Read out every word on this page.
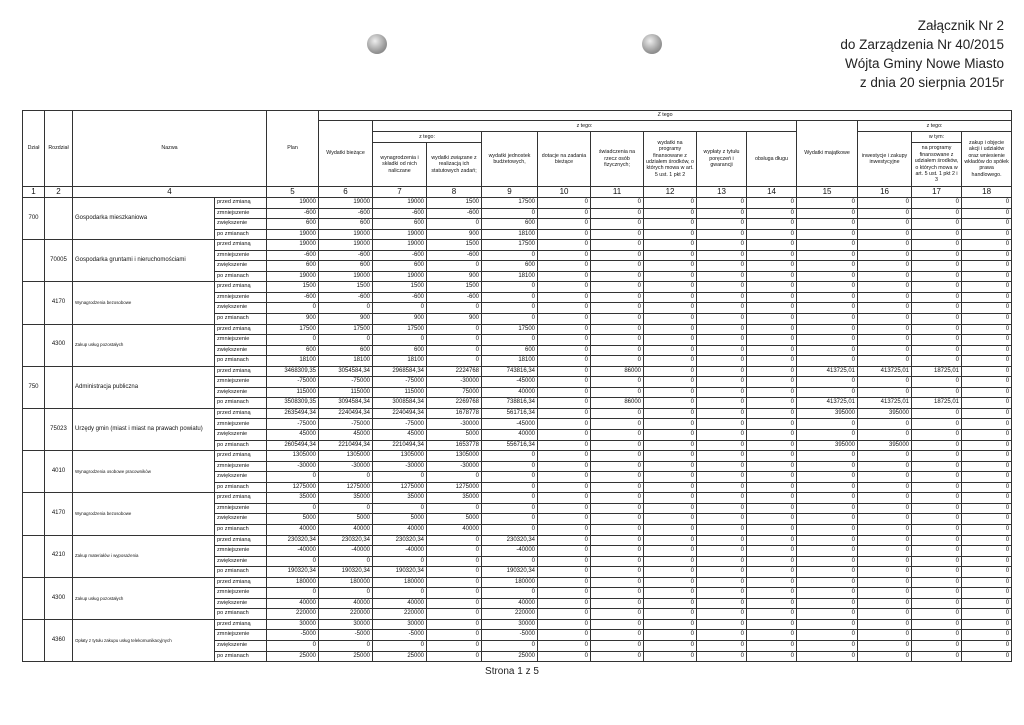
Załącznik Nr 2
do Zarządzenia Nr 40/2015
Wójta Gminy Nowe Miasto
z dnia 20 sierpnia 2015r
Dział	Rozdział	Nazwa		Plan	Z tego												
					Wydatki bieżące	z tego:								Wydatki majątkowe	z tego:		
						z tego:		wydatki jednostek budżetowych,	dotacje na zadania bieżące	świadczenia na rzecz osób fizycznych;	wydatki na programy finansowane z udziałem środków, o których mowa w art. 5 ust. 1 pkt 2	wypłaty z tytułu poręczeń i gwarancji	obsługa długu		inwestycje i zakupy inwestycyjne	w tym:	zakup i objęcie akcji i udziałów oraz wniesienie wkładów do spółek prawa handlowego.
						wynagrodzenia i składki od nich naliczane	wydatki związane z realizacją ich statutowych zadań;									na programy finansowane z udziałem środków, o których mowa w art. 5 ust. 1 pkt 2 i 3	
1	2	4		5	6	7	8	9	10	11	12	13	14	15	16	17	18
700		Gospodarka mieszkaniowa	przed zmianą	19000	19000	19000	1500	17500	0	0	0	0	0	0	0	0	0
			zmniejszenie	-600	-600	-600	-600	0	0	0	0	0	0	0	0	0	0
			zwiększenie	600	600	600	0	600	0	0	0	0	0	0	0	0	0
			po zmianach	19000	19000	19000	900	18100	0	0	0	0	0	0	0	0	0
	70005	Gospodarka gruntami i nieruchomościami	przed zmianą	19000	19000	19000	1500	17500	0	0	0	0	0	0	0	0	0
			zmniejszenie	-600	-600	-600	-600	0	0	0	0	0	0	0	0	0	0
			zwiększenie	600	600	600	0	600	0	0	0	0	0	0	0	0	0
			po zmianach	19000	19000	19000	900	18100	0	0	0	0	0	0	0	0	0
	4170	Wynagrodzenia bezosobowe	przed zmianą	1500	1500	1500	1500	0	0	0	0	0	0	0	0	0	0
			zmniejszenie	-600	-600	-600	-600	0	0	0	0	0	0	0	0	0	0
			zwiększenie	0	0	0	0	0	0	0	0	0	0	0	0	0	0
			po zmianach	900	900	900	900	0	0	0	0	0	0	0	0	0	0
	4300	Zakup usług pozostałych	przed zmianą	17500	17500	17500	0	17500	0	0	0	0	0	0	0	0	0
			zmniejszenie	0	0	0	0	0	0	0	0	0	0	0	0	0	0
			zwiększenie	600	600	600	0	600	0	0	0	0	0	0	0	0	0
			po zmianach	18100	18100	18100	0	18100	0	0	0	0	0	0	0	0	0
750		Administracja publiczna	przed zmianą	3468309,35	3054584,34	2968584,34	2224768	743816,34	0	86000	0	0	0	413725,01	413725,01	18725,01	0
			zmniejszenie	-75000	-75000	-75000	-30000	-45000	0	0	0	0	0	0	0	0	0
			zwiększenie	115000	115000	115000	75000	40000	0	0	0	0	0	0	0	0	0
			po zmianach	3508309,35	3094584,34	3008584,34	2269768	738816,34	0	86000	0	0	0	413725,01	413725,01	18725,01	0
	75023	Urzędy gmin (miast i miast na prawach powiatu)	przed zmianą	2635494,34	2240494,34	2240494,34	1678778	561716,34	0	0	0	0	0	395000	395000	0	0
			zmniejszenie	-75000	-75000	-75000	-30000	-45000	0	0	0	0	0	0	0	0	0
			zwiększenie	45000	45000	45000	5000	40000	0	0	0	0	0	0	0	0	0
			po zmianach	2605494,34	2210494,34	2210494,34	1653778	556716,34	0	0	0	0	0	395000	395000	0	0
	4010	Wynagrodzenia osobowe pracowników	przed zmianą	1305000	1305000	1305000	1305000	0	0	0	0	0	0	0	0	0	0
			zmniejszenie	-30000	-30000	-30000	-30000	0	0	0	0	0	0	0	0	0	0
			zwiększenie	0	0	0	0	0	0	0	0	0	0	0	0	0	0
			po zmianach	1275000	1275000	1275000	1275000	0	0	0	0	0	0	0	0	0	0
	4170	Wynagrodzenia bezosobowe	przed zmianą	35000	35000	35000	35000	0	0	0	0	0	0	0	0	0	0
			zmniejszenie	0	0	0	0	0	0	0	0	0	0	0	0	0	0
			zwiększenie	5000	5000	5000	5000	0	0	0	0	0	0	0	0	0	0
			po zmianach	40000	40000	40000	40000	0	0	0	0	0	0	0	0	0	0
	4210	Zakup materiałów i wyposażenia	przed zmianą	230320,34	230320,34	230320,34	0	230320,34	0	0	0	0	0	0	0	0	0
			zmniejszenie	-40000	-40000	-40000	0	-40000	0	0	0	0	0	0	0	0	0
			zwiększenie	0	0	0	0	0	0	0	0	0	0	0	0	0	0
			po zmianach	190320,34	190320,34	190320,34	0	190320,34	0	0	0	0	0	0	0	0	0
	4300	Zakup usług pozostałych	przed zmianą	180000	180000	180000	0	180000	0	0	0	0	0	0	0	0	0
			zmniejszenie	0	0	0	0	0	0	0	0	0	0	0	0	0	0
			zwiększenie	40000	40000	40000	0	40000	0	0	0	0	0	0	0	0	0
			po zmianach	220000	220000	220000	0	220000	0	0	0	0	0	0	0	0	0
	4360	Opłaty z tytułu zakupu usług telekomunikacyjnych	przed zmianą	30000	30000	30000	0	30000	0	0	0	0	0	0	0	0	0
			zmniejszenie	-5000	-5000	-5000	0	-5000	0	0	0	0	0	0	0	0	0
			zwiększenie	0	0	0	0	0	0	0	0	0	0	0	0	0	0
			po zmianach	25000	25000	25000	0	25000	0	0	0	0	0	0	0	0	0
Strona 1 z 5
